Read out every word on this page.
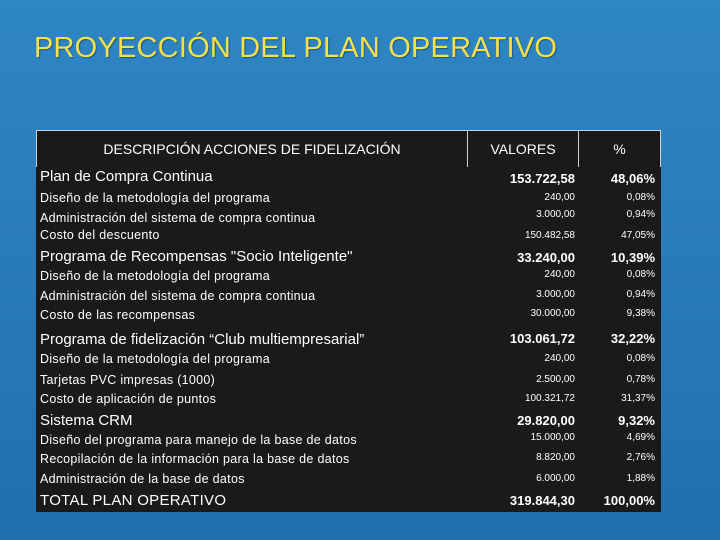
PROYECCIÓN DEL PLAN OPERATIVO
DESCRIPCIÓN ACCIONES DE FIDELIZACIÓN	VALORES	%
Plan de Compra Continua	153.722,58	48,06%
Diseño de la metodología del programa	240,00	0,08%
Administración del sistema de compra continua	3.000,00	0,94%
Costo del descuento	150.482,58	47,05%
Programa de Recompensas "Socio Inteligente"	33.240,00	10,39%
Diseño de la metodología del programa	240,00	0,08%
Administración del sistema de compra continua	3.000,00	0,94%
Costo de las recompensas	30.000,00	9,38%
Programa de fidelización “Club multiempresarial”	103.061,72	32,22%
Diseño de la metodología del programa	240,00	0,08%
Tarjetas PVC impresas (1000)	2.500,00	0,78%
Costo de aplicación de puntos	100.321,72	31,37%
Sistema CRM	29.820,00	9,32%
Diseño del programa para manejo de la base de datos	15.000,00	4,69%
Recopilación de la información para la base de datos	8.820,00	2,76%
Administración de la base de datos	6.000,00	1,88%
TOTAL PLAN OPERATIVO	319.844,30 100,00%
